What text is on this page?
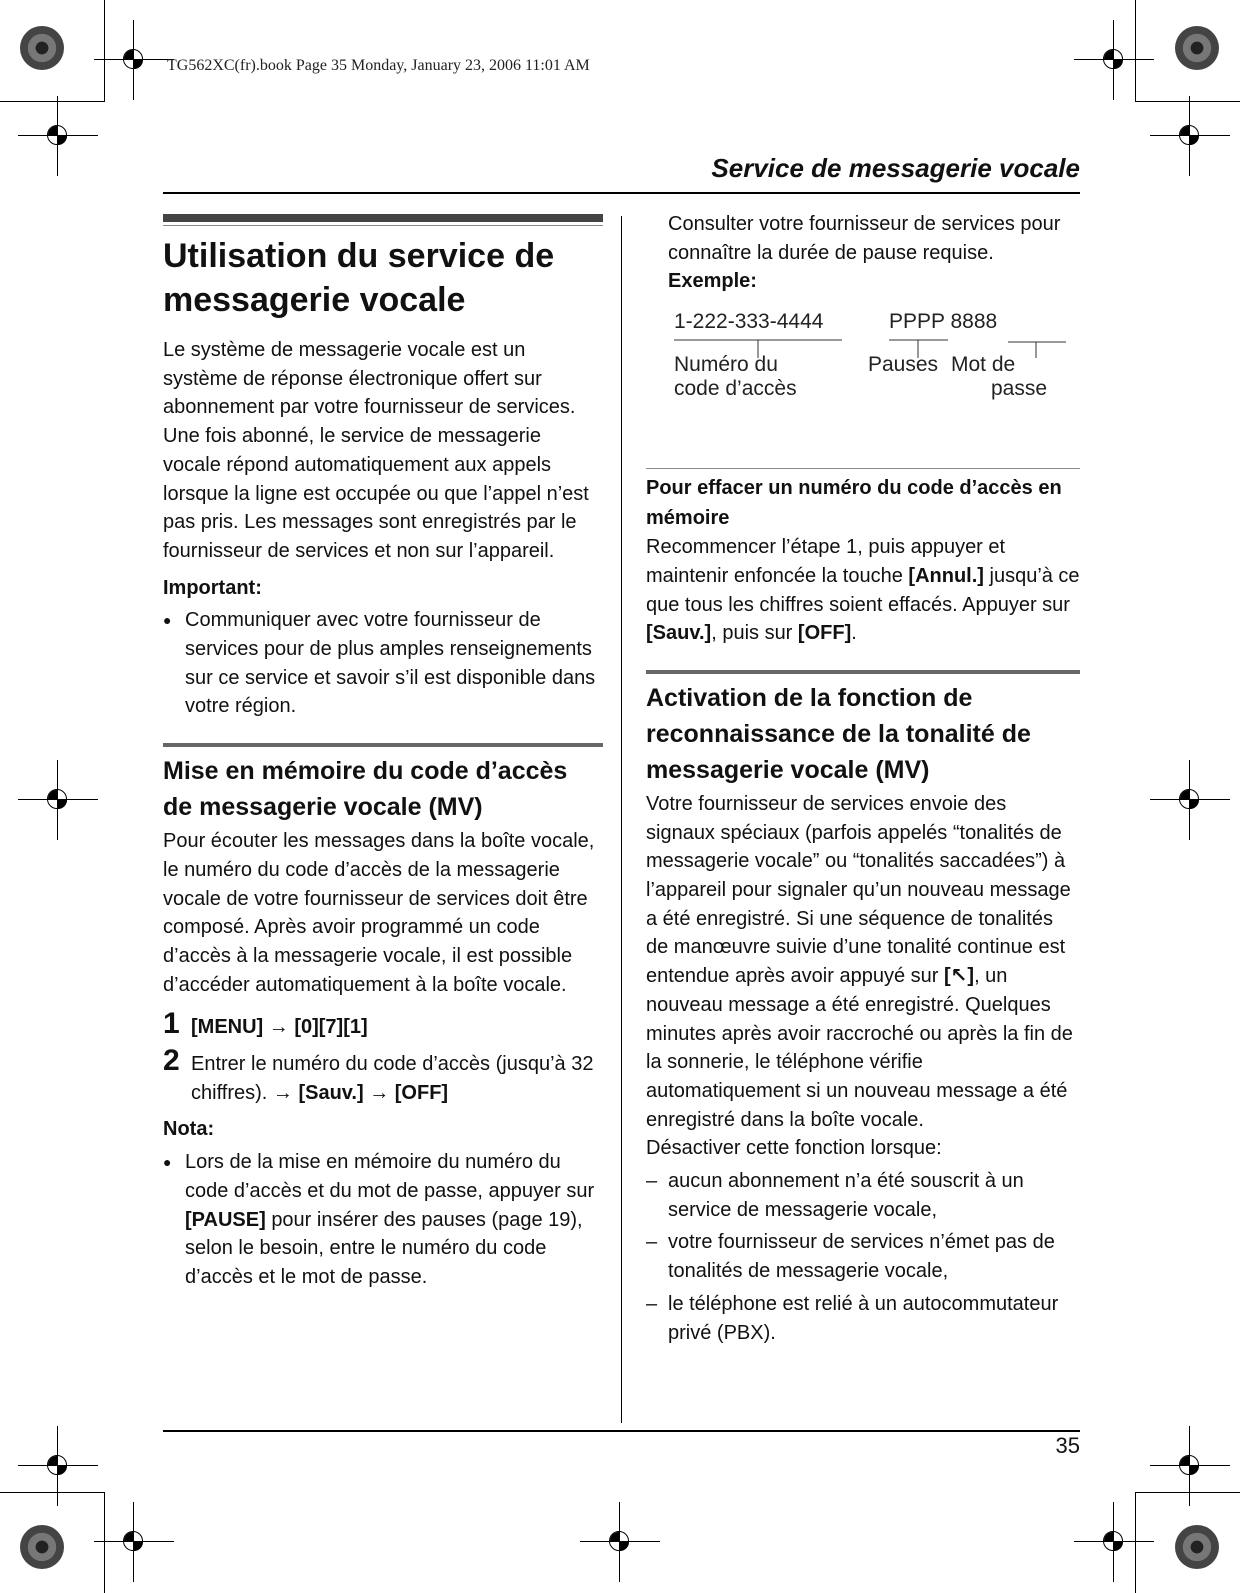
TG562XC(fr).book Page 35 Monday, January 23, 2006 11:01 AM
Service de messagerie vocale
Utilisation du service de
messagerie vocale

Le système de messagerie vocale est un système de réponse électronique offert sur abonnement par votre fournisseur de services. Une fois abonné, le service de messagerie vocale répond automatiquement aux appels lorsque la ligne est occupée ou que l’appel n’est pas pris. Les messages sont enregistrés par le fournisseur de services et non sur l’appareil.

Important:
● Communiquer avec votre fournisseur de services pour de plus amples renseignements sur ce service et savoir s’il est disponible dans votre région.
Mise en mémoire du code d’accès
de messagerie vocale (MV)

Pour écouter les messages dans la boîte vocale, le numéro du code d’accès de la messagerie vocale de votre fournisseur de services doit être composé. Après avoir programmé un code d’accès à la messagerie vocale, il est possible d’accéder automatiquement à la boîte vocale.

1 [MENU] → [0][7][1]
2 Entrer le numéro du code d’accès (jusqu’à 32 chiffres). → [Sauv.] → [OFF]
Nota:
● Lors de la mise en mémoire du numéro du code d’accès et du mot de passe, appuyer sur [PAUSE] pour insérer des pauses (page 19), selon le besoin, entre le numéro du code d’accès et le mot de passe.

Consulter votre fournisseur de services pour connaître la durée de pause requise.

Exemple:
1-222-333-4444	PPPP 8888
Numéro du

code d’accès
Pauses Mot de

passe
Pour effacer un numéro du code d’accès en mémoire

Recommencer l’étape 1, puis appuyer et maintenir enfoncée la touche [Annul.] jusqu’à ce que tous les chiffres soient effacés. Appuyer sur [Sauv.], puis sur [OFF].

Activation de la fonction de
reconnaissance de la tonalité de
messagerie vocale (MV)

Votre fournisseur de services envoie des signaux spéciaux (parfois appelés “tonalités de messagerie vocale” ou “tonalités saccadées”) à l’appareil pour signaler qu’un nouveau message a été enregistré. Si une séquence de tonalités de manœuvre suivie d’une tonalité continue est entendue après avoir appuyé sur [↖], un nouveau message a été enregistré. Quelques minutes après avoir raccroché ou après la fin de la sonnerie, le téléphone vérifie automatiquement si un nouveau message a été enregistré dans la boîte vocale.

Désactiver cette fonction lorsque:

– aucun abonnement n’a été souscrit à un service de messagerie vocale,
– votre fournisseur de services n’émet pas de tonalités de messagerie vocale,
– le téléphone est relié à un autocommutateur privé (PBX).
35
